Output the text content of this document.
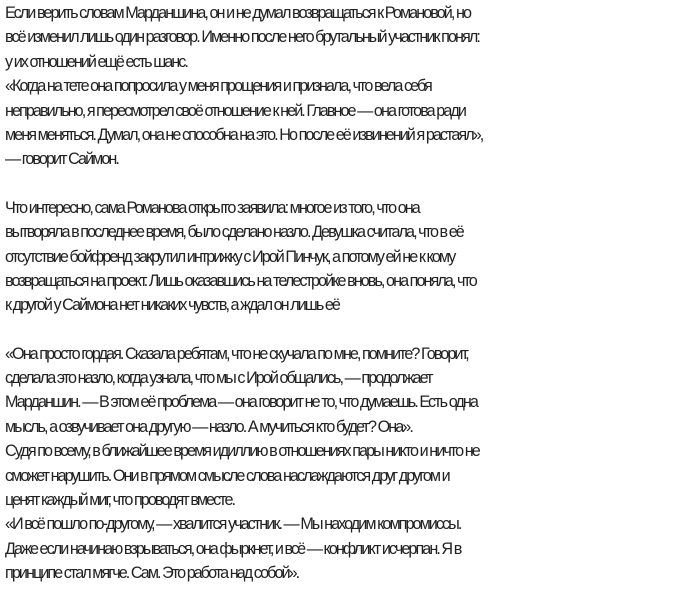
Если верить словам Марданшина, он и не думал возвращаться к Романовой, но
всё изменил лишь один разговор. Именно после него брутальный участник понял:
у их отношений ещё есть шанс.
«Когда на тете она попросила у меня прощения и признала, что вела себя
неправильно, я пересмотрел своё отношение к ней. Главное — она готова ради
меня меняться. Думал, она не способна на это. Но после её извинений я растаял»,
— говорит Саймон.
Что интересно, сама Романова открыто заявила: многое из того, что она
вытворяла в последнее время, было сделано назло. Девушка считала, что в её
отсутствие бойфренд закрутил интрижку с Ирой Пинчук, а потому ей не к кому
возвращаться на проект. Лишь оказавшись на телестройке вновь, она поняла, что
к другой у Саймона нет никаких чувств, а ждал он лишь её
«Она просто гордая. Сказала ребятам, что не скучала по мне, помните? Говорит,
сделала это назло, когда узнала, что мы с Ирой общались, — продолжает
Марданшин. — В этом её проблема — она говорит не то, что думаешь. Есть одна
мысль, а озвучивает она другую — назло. А мучиться кто будет? Она».
Судя по всему, в ближайшее время идиллию в отношениях пары никто и ничто не
сможет нарушить. Они в прямом смысле слова наслаждаются друг другом и
ценят каждый миг, что проводят вместе.
«И всё пошло по-другому, — хвалится участник. — Мы находим компромиссы.
Даже если начинаю взрываться, она фыркнет, и всё — конфликт исчерпан. Я в
принципе стал мягче. Сам. Это работа над собой».
